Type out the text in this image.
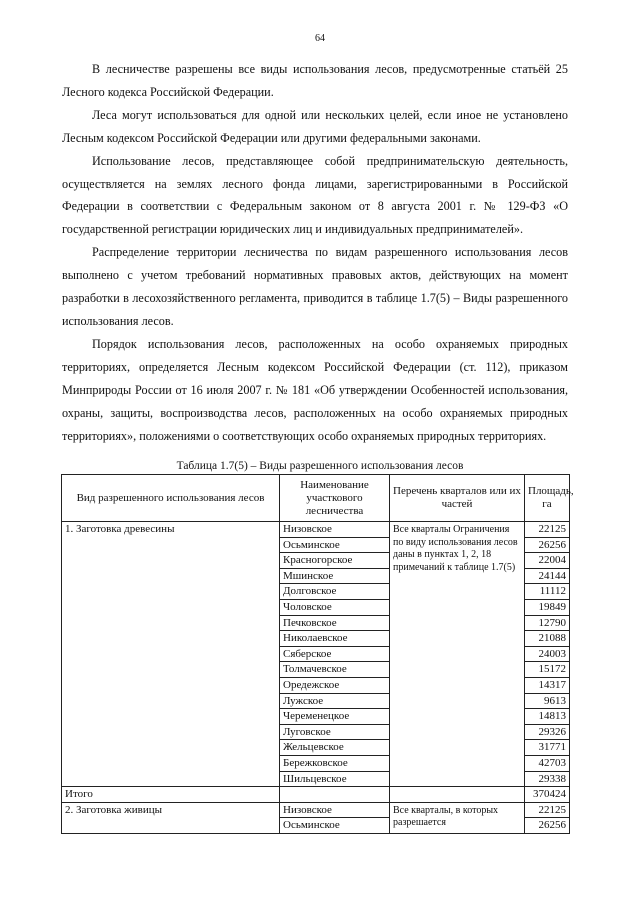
64

В лесничестве разрешены все виды использования лесов, предусмотренные статьёй 25 Лесного кодекса Российской Федерации.

Леса могут использоваться для одной или нескольких целей, если иное не установлено Лесным кодексом Российской Федерации или другими федеральными законами.

Использование лесов, представляющее собой предпринимательскую деятельность, осуществляется на землях лесного фонда лицами, зарегистрированными в Российской Федерации в соответствии с Федеральным законом от 8 августа 2001 г. № 129-ФЗ «О государственной регистрации юридических лиц и индивидуальных предпринимателей».

Распределение территории лесничества по видам разрешенного использования лесов выполнено с учетом требований нормативных правовых актов, действующих на момент разработки в лесохозяйственного регламента, приводится в таблице 1.7(5) – Виды разрешенного использования лесов.

Порядок использования лесов, расположенных на особо охраняемых природных территориях, определяется Лесным кодексом Российской Федерации (ст. 112), приказом Минприроды России от 16 июля 2007 г. № 181 «Об утверждении Особенностей использования, охраны, защиты, воспроизводства лесов, расположенных на особо охраняемых природных территориях», положениями о соответствующих особо охраняемых природных территориях.

Таблица 1.7(5) – Виды разрешенного использования лесов
Вид разрешенного использования лесов	Наименование участкового лесничества	Перечень кварталов или их частей	Площадь, га
1. Заготовка древесины	Низовское	Все кварталы Ограничения по виду использования лесов даны в пунктах 1, 2, 18 примечаний к таблице 1.7(5)	22125
	Осьминское		26256
	Красногорское		22004
	Мшинское		24144
	Долговское		11112
	Чоловское		19849
	Печковское		12790
	Николаевское		21088
	Сяберское		24003
	Толмачевское		15172
	Оредежское		14317
	Лужское		9613
	Череменецкое		14813
	Луговское		29326
	Жельцевское		31771
	Бережковское		42703
	Шильцевское		29338
Итого			370424
2. Заготовка живицы	Низовское	Все кварталы, в которых разрешается	22125
	Осьминское		26256
